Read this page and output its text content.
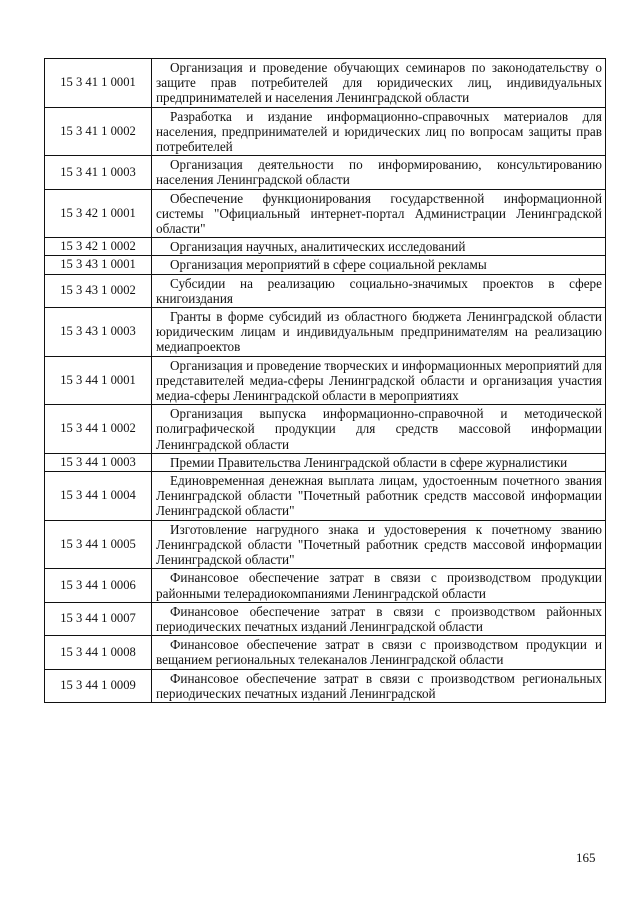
15 3 41 1 0001	Организация и проведение обучающих семинаров по законодательству о защите прав потребителей для юридических лиц, индивидуальных предпринимателей и населения Ленинградской области

15 3 41 1 0002	Разработка и издание информационно-справочных материалов для населения, предпринимателей и юридических лиц по вопросам защиты прав потребителей

15 3 41 1 0003	Организация деятельности по информированию, консультированию населения Ленинградской области

15 3 42 1 0001	Обеспечение функционирования государственной информационной системы "Официальный интернет-портал Администрации Ленинградской области"

15 3 42 1 0002	Организация научных, аналитических исследований

15 3 43 1 0001	Организация мероприятий в сфере социальной рекламы

15 3 43 1 0002	Субсидии на реализацию социально-значимых проектов в сфере книгоиздания

15 3 43 1 0003	Гранты в форме субсидий из областного бюджета Ленинградской области юридическим лицам и индивидуальным предпринимателям на реализацию медиапроектов

15 3 44 1 0001	Организация и проведение творческих и информационных мероприятий для представителей медиа-сферы Ленинградской области и организация участия медиа-сферы Ленинградской области в мероприятиях

15 3 44 1 0002	Организация выпуска информационно-справочной и методической полиграфической продукции для средств массовой информации Ленинградской области

15 3 44 1 0003	Премии Правительства Ленинградской области в сфере журналистики

15 3 44 1 0004	Единовременная денежная выплата лицам, удостоенным почетного звания Ленинградской области "Почетный работник средств массовой информации Ленинградской области"

15 3 44 1 0005	Изготовление нагрудного знака и удостоверения к почетному званию Ленинградской области "Почетный работник средств массовой информации Ленинградской области"

15 3 44 1 0006	Финансовое обеспечение затрат в связи с производством продукции районными телерадиокомпаниями Ленинградской области

15 3 44 1 0007	Финансовое обеспечение затрат в связи с производством районных периодических печатных изданий Ленинградской области

15 3 44 1 0008	Финансовое обеспечение затрат в связи с производством продукции и вещанием региональных телеканалов Ленинградской области

15 3 44 1 0009	Финансовое обеспечение затрат в связи с производством региональных периодических печатных изданий Ленинградской
165
